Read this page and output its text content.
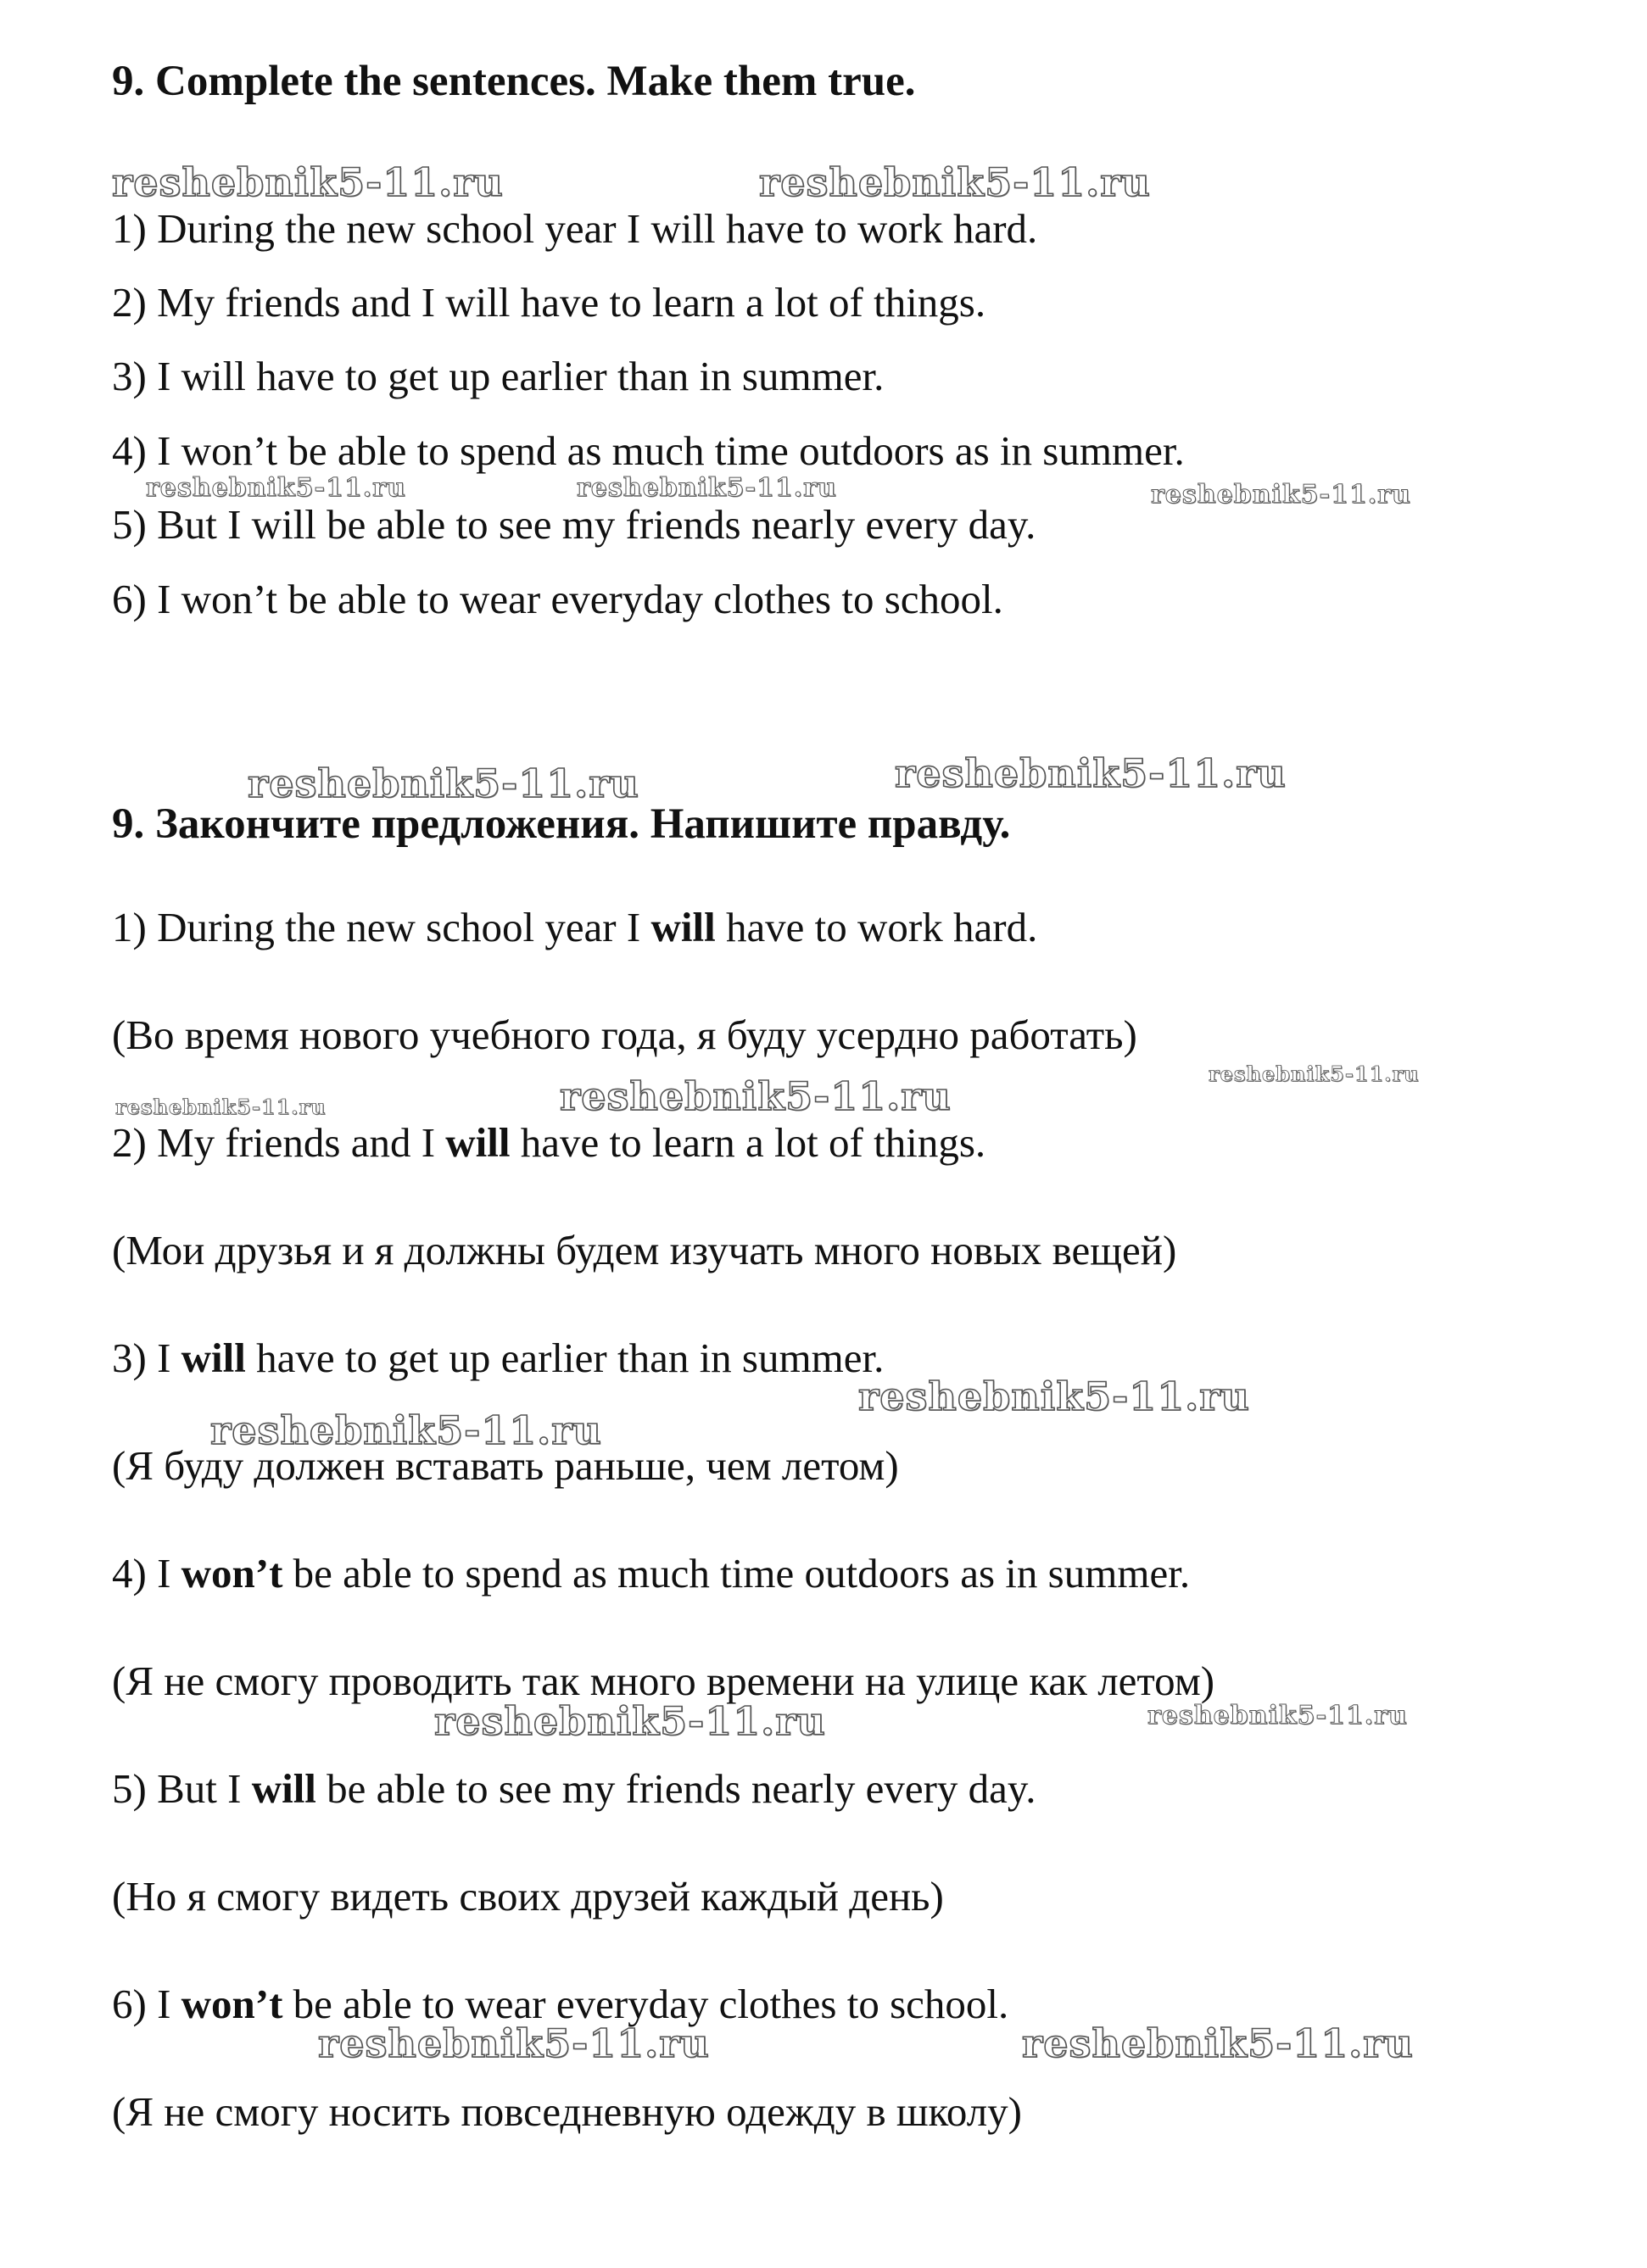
9. Complete the sentences. Make them true.
1) During the new school year I will have to work hard.
2) My friends and I will have to learn a lot of things.
3) I will have to get up earlier than in summer.
4) I won’t be able to spend as much time outdoors as in summer.
5) But I will be able to see my friends nearly every day.
6) I won’t be able to wear everyday clothes to school.
9. Закончите предложения. Напишите правду.
1) During the new school year I will have to work hard.
(Во время нового учебного года, я буду усердно работать)
2) My friends and I will have to learn a lot of things.
(Мои друзья и я должны будем изучать много новых вещей)
3) I will have to get up earlier than in summer.
(Я буду должен вставать раньше, чем летом)
4) I won’t be able to spend as much time outdoors as in summer.
(Я не смогу проводить так много времени на улице как летом)
5) But I will be able to see my friends nearly every day.
(Но я смогу видеть своих друзей каждый день)
6) I won’t be able to wear everyday clothes to school.
(Я не смогу носить повседневную одежду в школу)
reshebnik5-11.ru	reshebnik5-11.ru
reshebnik5-11.ru	reshebnik5-11.ru	reshebnik5-11.ru
reshebnik5-11.ru	reshebnik5-11.ru
reshebnik5-11.ru
reshebnik5-11.ru	reshebnik5-11.ru
reshebnik5-11.ru
reshebnik5-11.ru
reshebnik5-11.ru	reshebnik5-11.ru
reshebnik5-11.ru	reshebnik5-11.ru
